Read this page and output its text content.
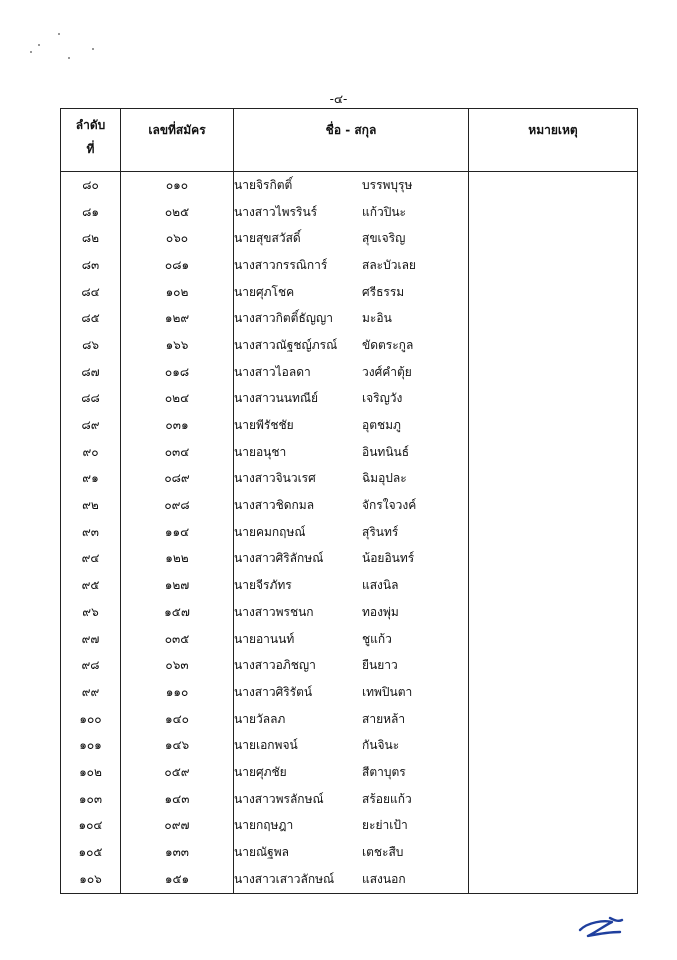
-๔-
ลำดับ
ที่	เลขที่สมัคร	ชื่อ - สกุล	หมายเหตุ
๘๐	๐๑๐	นายจิรกิตติ์ บรรพบุรุษ	
๘๑	๐๒๕	นางสาวไพรรินร์ แก้วปินะ	
๘๒	๐๖๐	นายสุขสวัสดิ์ สุขเจริญ	
๘๓	๐๘๑	นางสาวกรรณิการ์ สละบัวเลย	
๘๔	๑๐๒	นายศุภโชค ศรีธรรม	
๘๕	๑๒๙	นางสาวกิตติ์ธัญญา มะอิน	
๘๖	๑๖๖	นางสาวณัฐชญ์ภรณ์ ขัดตระกูล	
๘๗	๐๑๘	นางสาวไอลดา วงศ์คำตุ้ย	
๘๘	๐๒๔	นางสาวนนทณีย์ เจริญวัง	
๘๙	๐๓๑	นายพีรัชชัย อุตชมภู	
๙๐	๐๓๔	นายอนุชา อินทนินธ์	
๙๑	๐๘๙	นางสาวจินวเรศ ฉิมอุปละ	
๙๒	๐๙๘	นางสาวชิดกมล จักรใจวงค์	
๙๓	๑๑๔	นายคมกฤษณ์ สุรินทร์	
๙๔	๑๒๒	นางสาวศิริลักษณ์ น้อยอินทร์	
๙๕	๑๒๗	นายจีรภัทร แสงนิล	
๙๖	๑๕๗	นางสาวพรชนก ทองพุ่ม	
๙๗	๐๓๕	นายอานนท์ ชูแก้ว	
๙๘	๐๖๓	นางสาวอภิชญา ยืนยาว	
๙๙	๑๑๐	นางสาวศิริรัตน์ เทพปินตา	
๑๐๐	๑๔๐	นายวัลลภ สายหล้า	
๑๐๑	๑๔๖	นายเอกพจน์ กันจินะ	
๑๐๒	๐๕๙	นายศุภชัย สีตาบุตร	
๑๐๓	๑๔๓	นางสาวพรลักษณ์ สร้อยแก้ว	
๑๐๔	๐๙๗	นายกฤษฎา ยะย่าเป้า	
๑๐๕	๑๓๓	นายณัฐพล เตชะสืบ	
๑๐๖	๑๕๑	นางสาวเสาวลักษณ์ แสงนอก	
